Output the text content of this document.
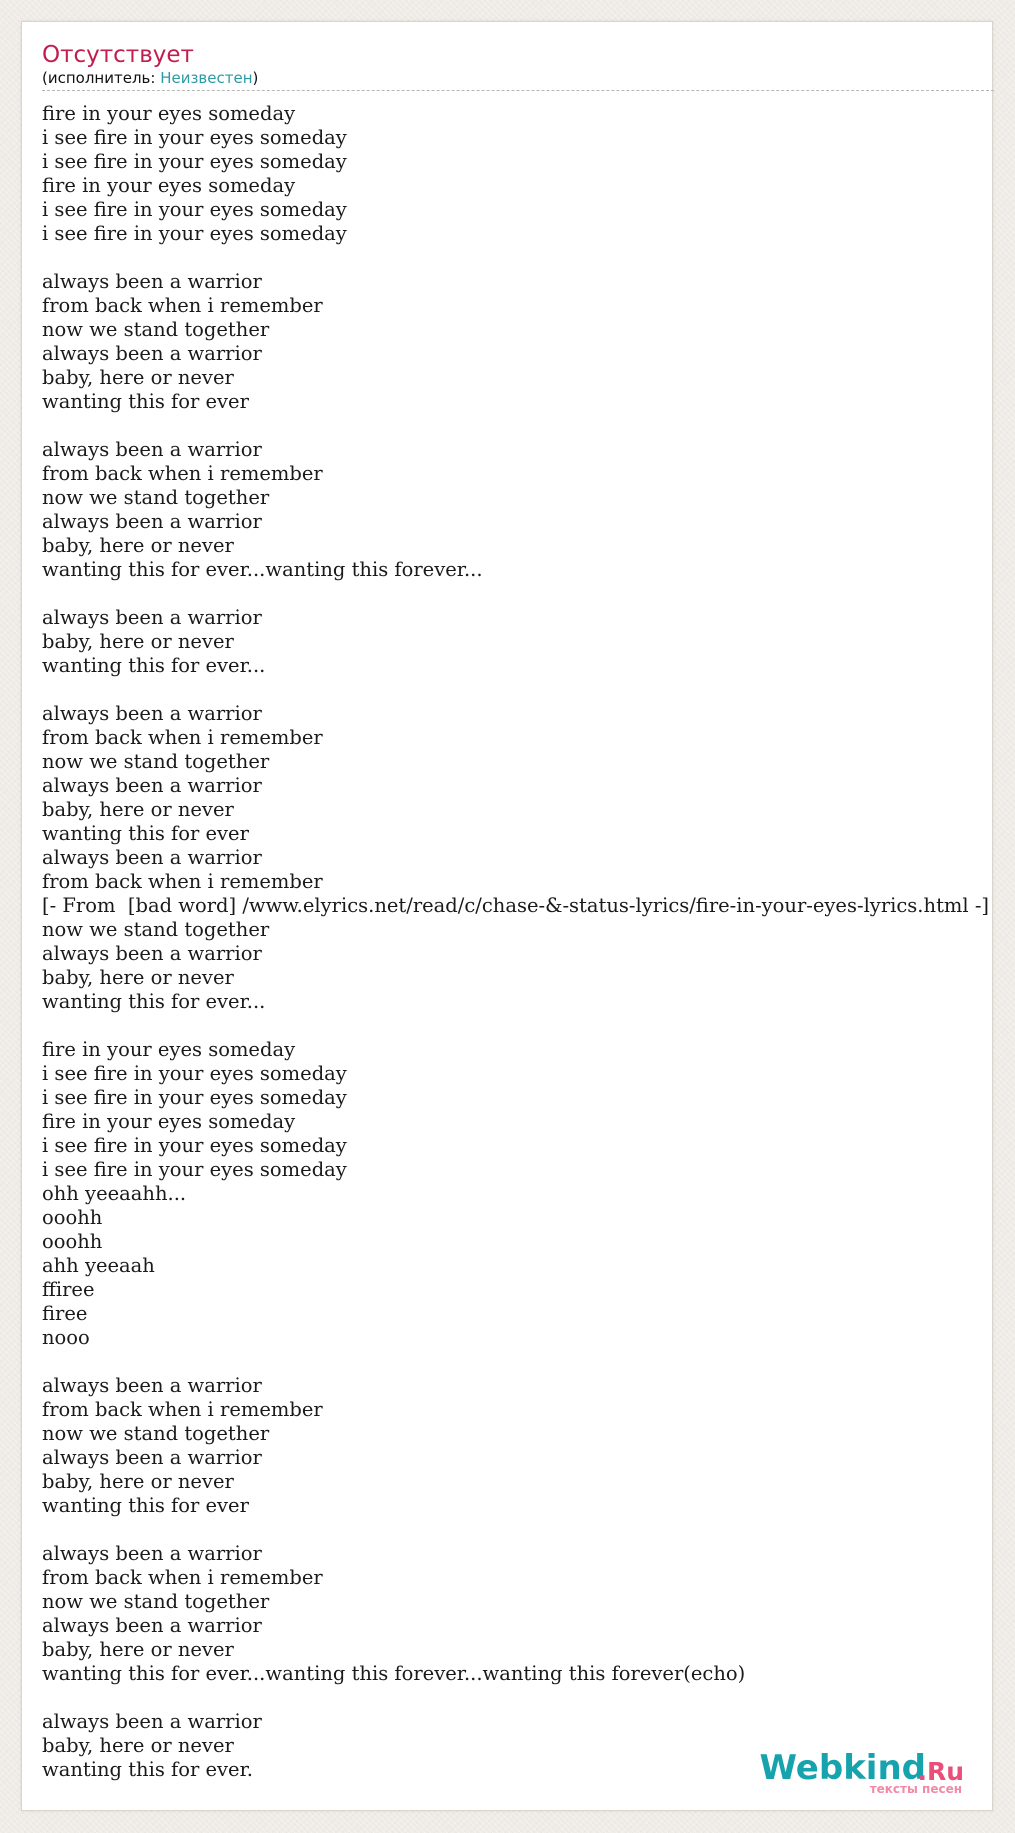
Отсутствует
(исполнитель: Неизвестен)
fire in your eyes someday
i see fire in your eyes someday
i see fire in your eyes someday
fire in your eyes someday
i see fire in your eyes someday
i see fire in your eyes someday
always been a warrior
from back when i remember
now we stand together
always been a warrior
baby, here or never
wanting this for ever
always been a warrior
from back when i remember
now we stand together
always been a warrior
baby, here or never
wanting this for ever...wanting this forever...
always been a warrior
baby, here or never
wanting this for ever...
always been a warrior
from back when i remember
now we stand together
always been a warrior
baby, here or never
wanting this for ever
always been a warrior
from back when i remember
[- From  [bad word] /www.elyrics.net/read/c/chase-&-status-lyrics/fire-in-your-eyes-lyrics.html -]
now we stand together
always been a warrior
baby, here or never
wanting this for ever...
fire in your eyes someday
i see fire in your eyes someday
i see fire in your eyes someday
fire in your eyes someday
i see fire in your eyes someday
i see fire in your eyes someday
ohh yeeaahh...
ooohh
ooohh
ahh yeeaah
ffiree
firee
nooo
always been a warrior
from back when i remember
now we stand together
always been a warrior
baby, here or never
wanting this for ever
always been a warrior
from back when i remember
now we stand together
always been a warrior
baby, here or never
wanting this for ever...wanting this forever...wanting this forever(echo)
always been a warrior
baby, here or never
wanting this for ever.	Webkind
.Ru
тексты песен
